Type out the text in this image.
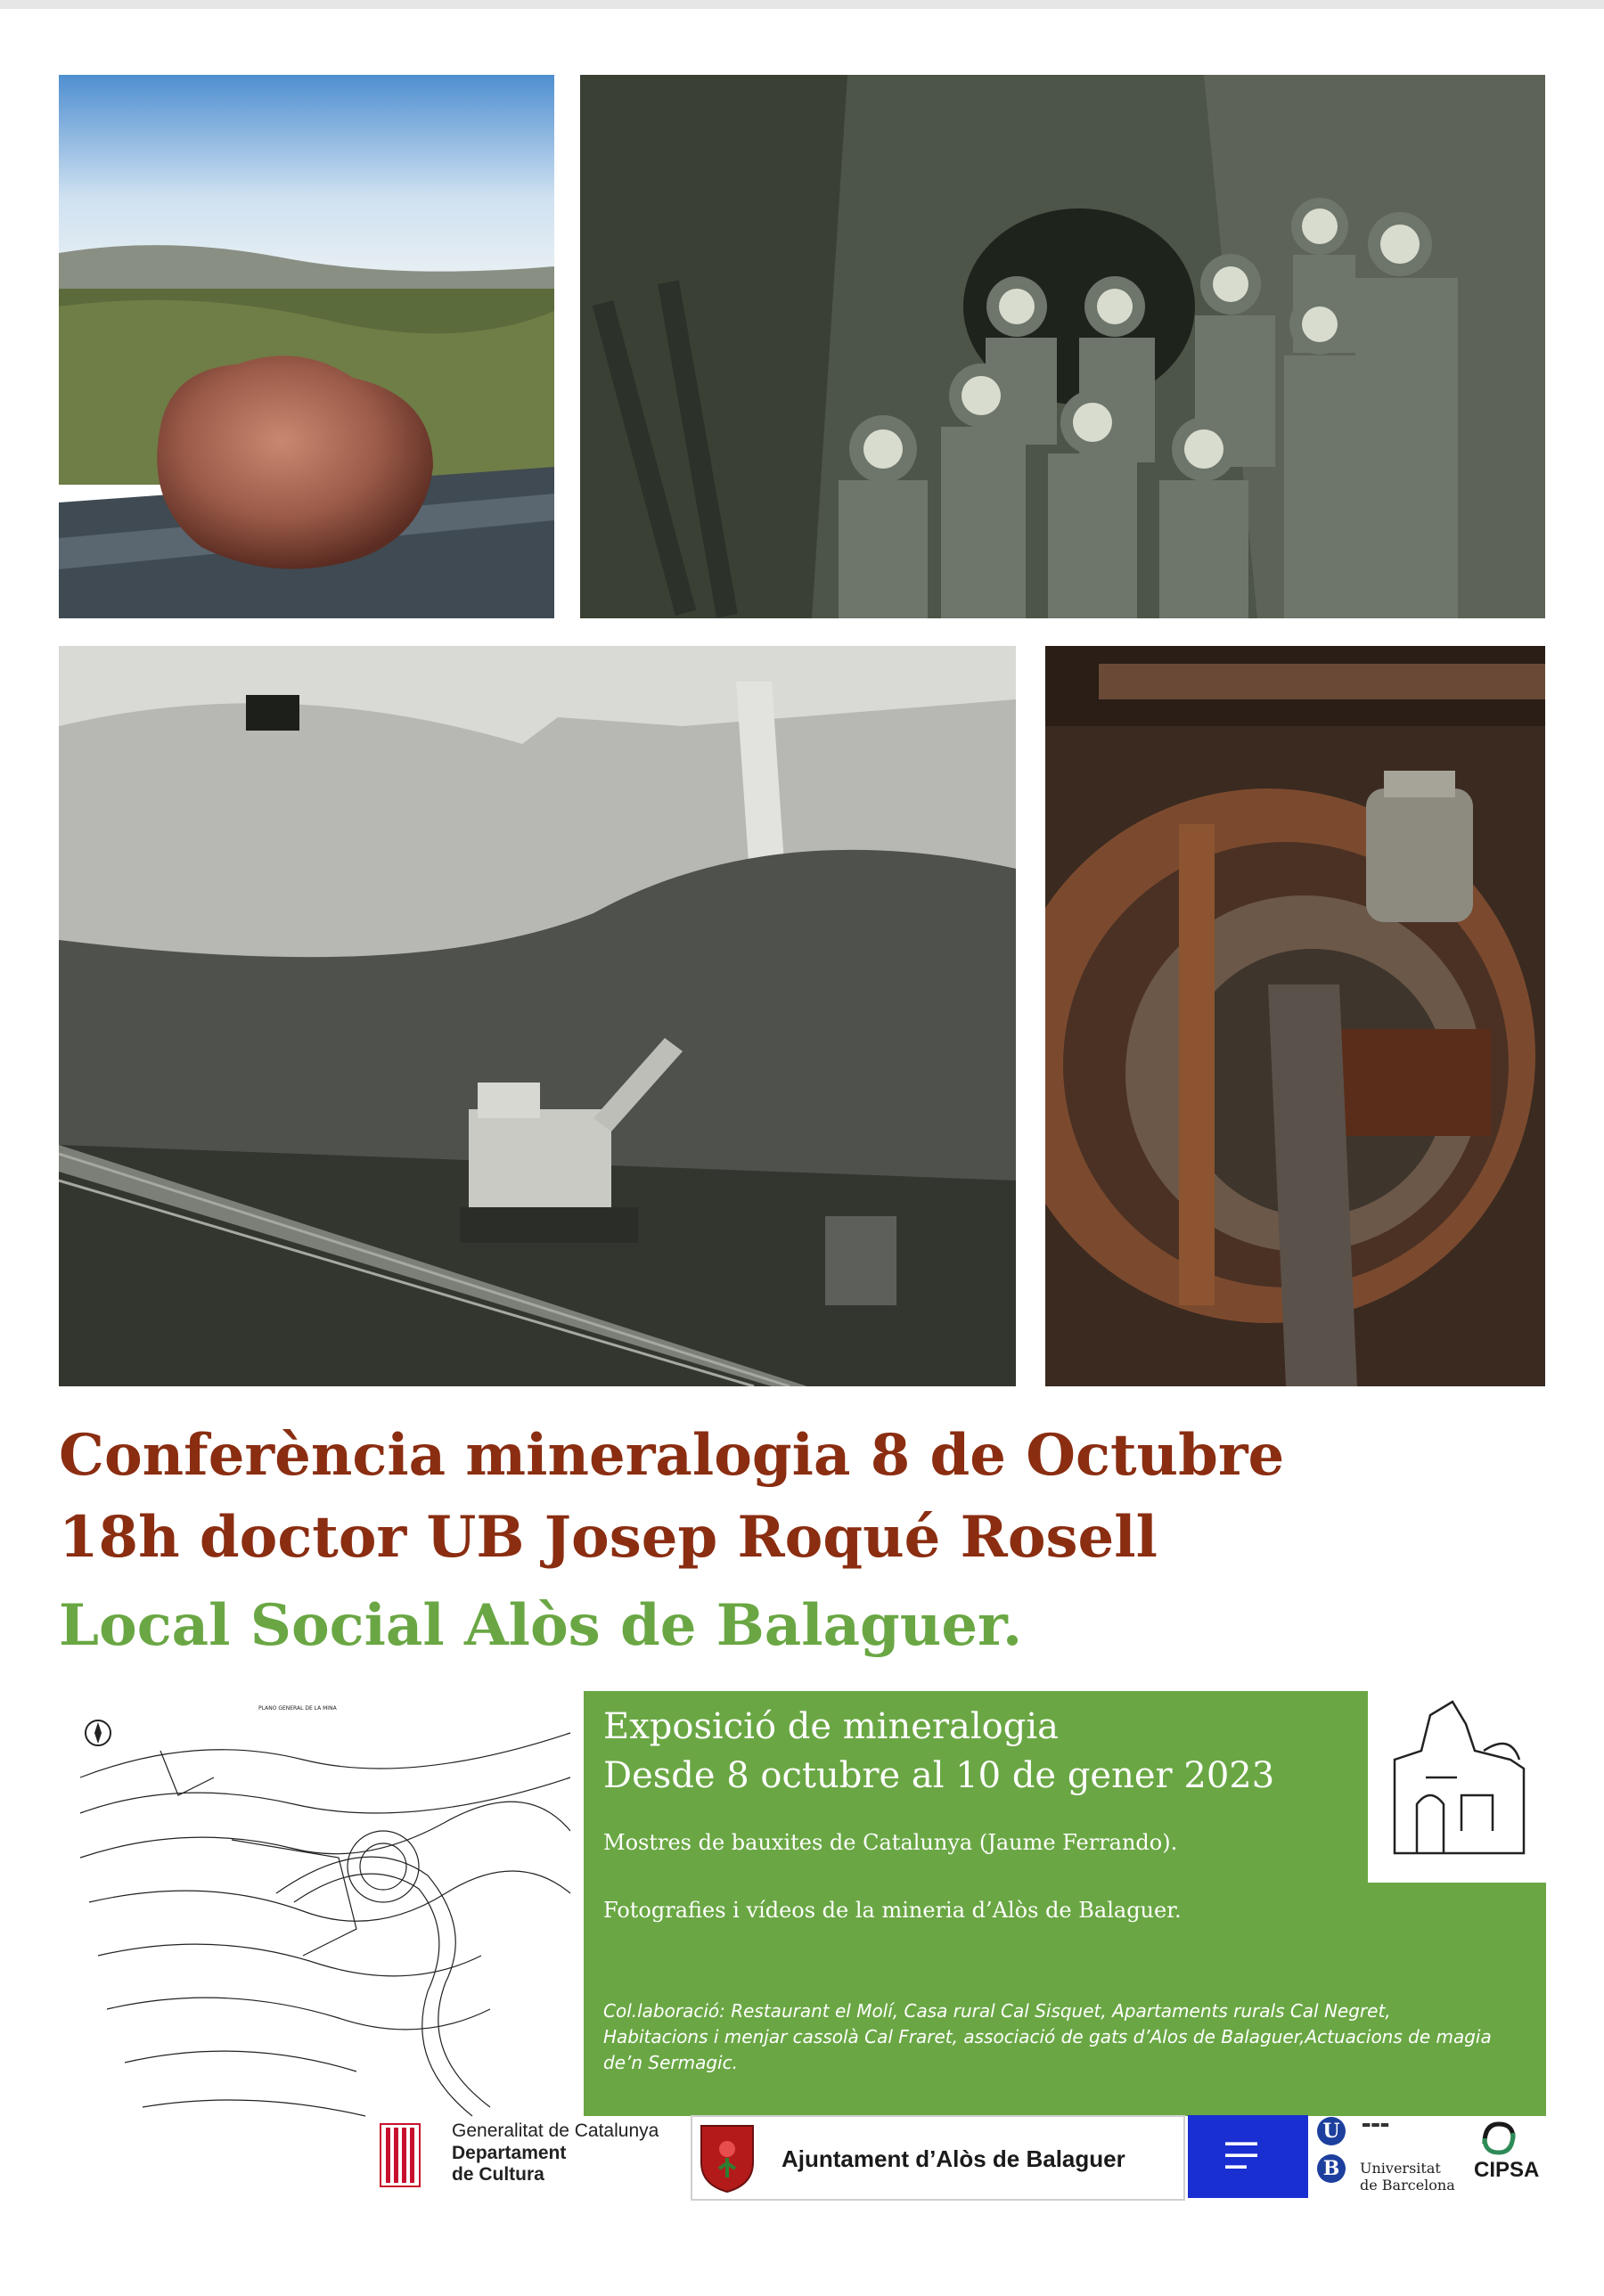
Conferència mineralogia 8 de Octubre
18h doctor UB Josep Roqué Rosell
Local Social Alòs de Balaguer.
PLANO GENERAL DE LA MINA	Exposició de mineralogia
Desde 8 octubre al 10 de gener 2023
Mostres de bauxites de Catalunya (Jaume Ferrando).
Fotografies i vídeos de la mineria d’Alòs de Balaguer.
Col.laboració: Restaurant el Molí, Casa rural Cal Sisquet, Apartaments rurals Cal Negret, Habitacions i menjar cassolà Cal Fraret, associació de gats d’Alos de Balaguer,Actuacions de magia de’n Sermagic.
Generalitat de Catalunya
Departament
de Cultura
Ajuntament d’Alòs de Balaguer
▬▬▬
▬▬▬
▬▬
U
B
▬▬▬
Universitat
de Barcelona
CIPSA
